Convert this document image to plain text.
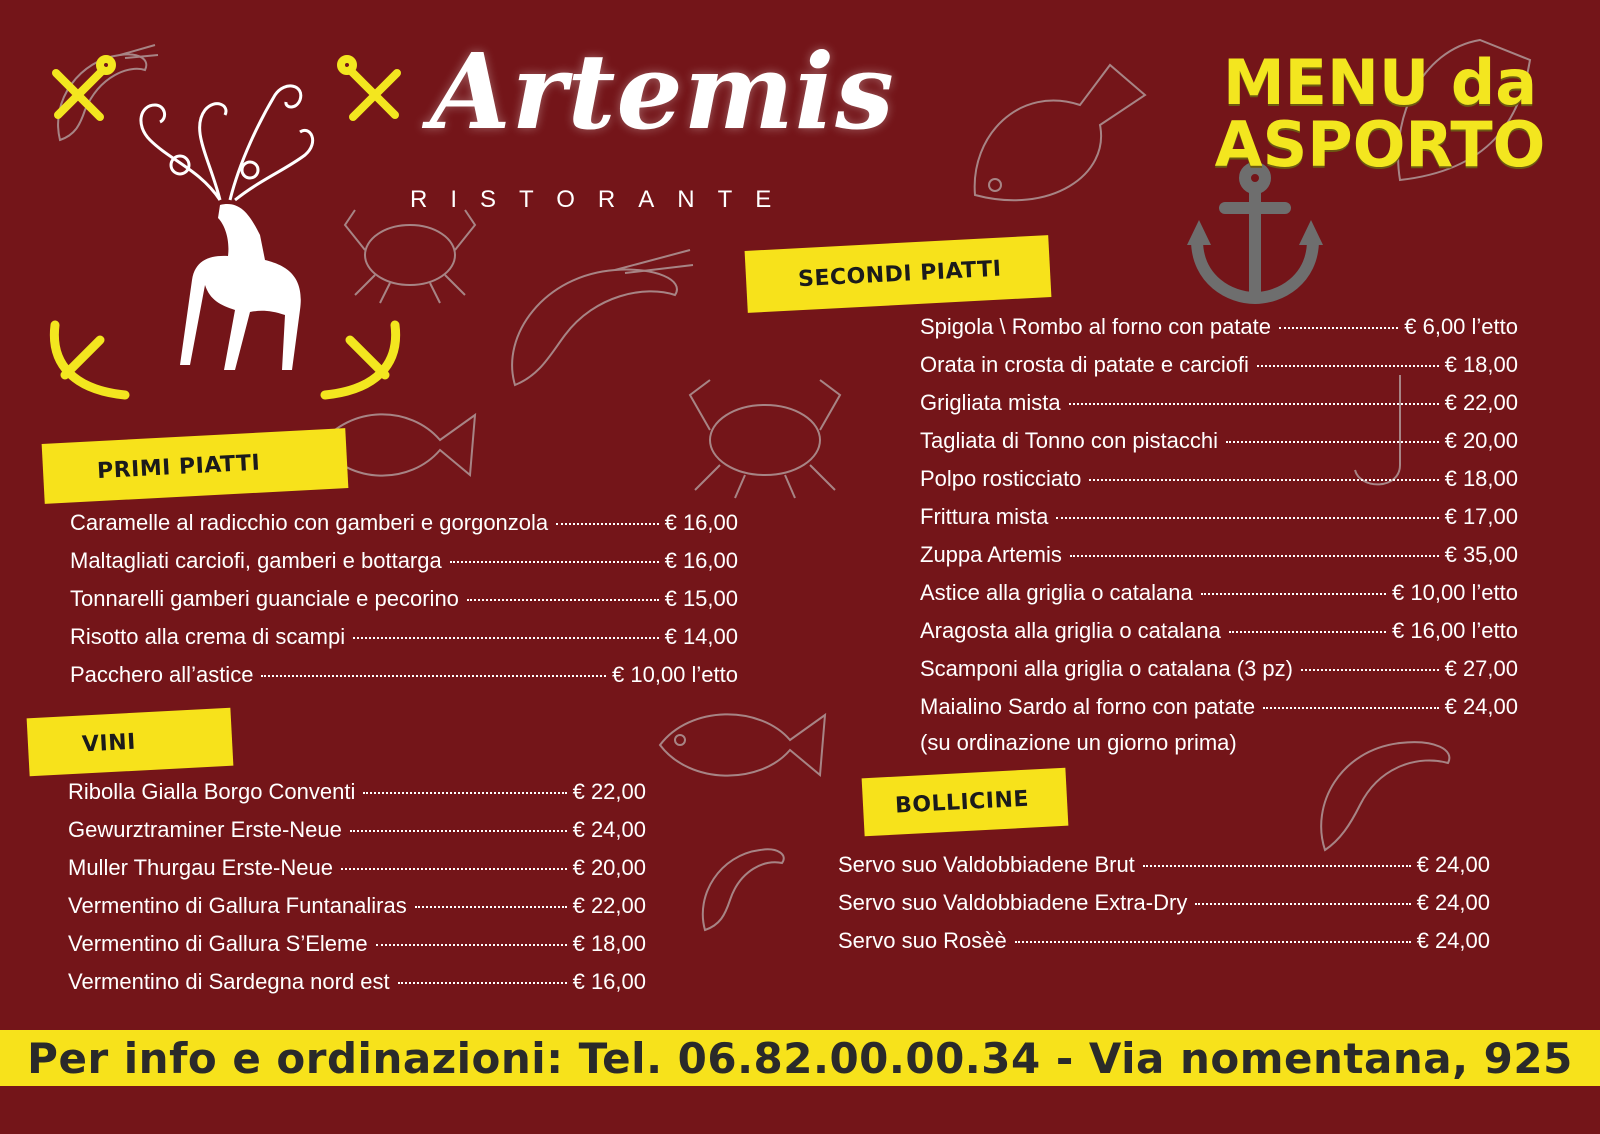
Artemis
RISTORANTE
MENU da ASPORTO
SECONDI PIATTI
Spigola \ Rombo al forno con patate	€ 6,00 l’etto
Orata in crosta di patate e carciofi	€ 18,00
Grigliata mista	€ 22,00
Tagliata di Tonno con pistacchi	€ 20,00
Polpo rosticciato	€ 18,00
Frittura mista	€ 17,00
Zuppa Artemis	€ 35,00
Astice alla griglia o catalana	€ 10,00 l’etto
Aragosta alla griglia o catalana	€ 16,00 l’etto
Scamponi alla griglia o catalana (3 pz)	€ 27,00
Maialino Sardo al forno con patate	€ 24,00
(su ordinazione un giorno prima)
PRIMI PIATTI
Caramelle al radicchio con gamberi e gorgonzola	€ 16,00
Maltagliati carciofi, gamberi e bottarga	€ 16,00
Tonnarelli gamberi guanciale e pecorino	€ 15,00
Risotto alla crema di scampi	€ 14,00
Pacchero all’astice	€ 10,00 l’etto
VINI
Ribolla Gialla Borgo Conventi	€ 22,00
Gewurztraminer Erste-Neue	€ 24,00
Muller Thurgau Erste-Neue	€ 20,00
Vermentino di Gallura Funtanaliras	€ 22,00
Vermentino di Gallura S’Eleme	€ 18,00
Vermentino di Sardegna nord est	€ 16,00
BOLLICINE
Servo suo Valdobbiadene Brut	€ 24,00
Servo suo Valdobbiadene Extra-Dry	€ 24,00
Servo suo Rosèè	€ 24,00
Per info e ordinazioni: Tel. 06.82.00.00.34 - Via nomentana, 925
